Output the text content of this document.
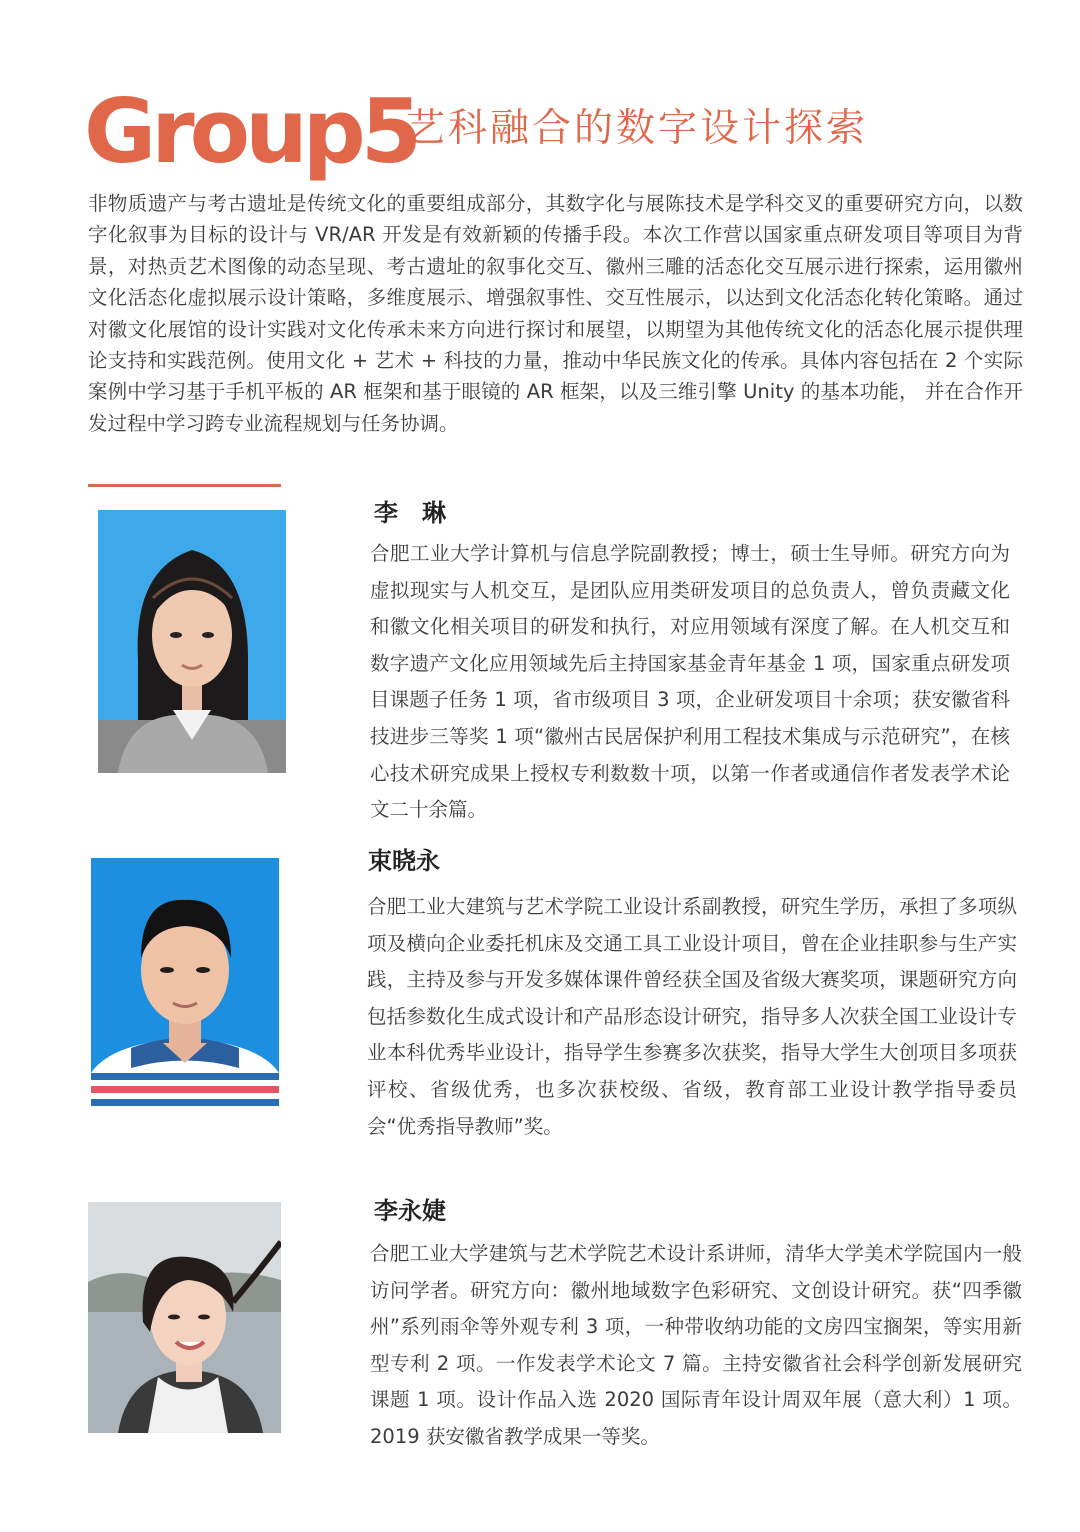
Group5
艺科融合的数字设计探索

非物质遗产与考古遗址是传统文化的重要组成部分，其数字化与展陈技术是学科交叉的重要研究方向，以数字化叙事为目标的设计与 VR/AR 开发是有效新颖的传播手段。本次工作营以国家重点研发项目等项目为背景，对热贡艺术图像的动态呈现、考古遗址的叙事化交互、徽州三雕的活态化交互展示进行探索，运用徽州文化活态化虚拟展示设计策略，多维度展示、增强叙事性、交互性展示，以达到文化活态化转化策略。通过对徽文化展馆的设计实践对文化传承未来方向进行探讨和展望，以期望为其他传统文化的活态化展示提供理论支持和实践范例。使用文化 + 艺术 + 科技的力量，推动中华民族文化的传承。具体内容包括在 2 个实际案例中学习基于手机平板的 AR 框架和基于眼镜的 AR 框架，以及三维引擎 Unity 的基本功能， 并在合作开发过程中学习跨专业流程规划与任务协调。

李　琳

合肥工业大学计算机与信息学院副教授；博士，硕士生导师。研究方向为虚拟现实与人机交互，是团队应用类研发项目的总负责人，曾负责藏文化和徽文化相关项目的研发和执行，对应用领域有深度了解。在人机交互和数字遗产文化应用领域先后主持国家基金青年基金 1 项，国家重点研发项目课题子任务 1 项，省市级项目 3 项，企业研发项目十余项；获安徽省科技进步三等奖 1 项“徽州古民居保护利用工程技术集成与示范研究”，在核心技术研究成果上授权专利数数十项，以第一作者或通信作者发表学术论文二十余篇。

束晓永

合肥工业大建筑与艺术学院工业设计系副教授，研究生学历，承担了多项纵项及横向企业委托机床及交通工具工业设计项目，曾在企业挂职参与生产实践，主持及参与开发多媒体课件曾经获全国及省级大赛奖项，课题研究方向包括参数化生成式设计和产品形态设计研究，指导多人次获全国工业设计专业本科优秀毕业设计，指导学生参赛多次获奖，指导大学生大创项目多项获评校、省级优秀，也多次获校级、省级，教育部工业设计教学指导委员会“优秀指导教师”奖。

李永婕

合肥工业大学建筑与艺术学院艺术设计系讲师，清华大学美术学院国内一般访问学者。研究方向：徽州地域数字色彩研究、文创设计研究。获“四季徽州”系列雨伞等外观专利 3 项，一种带收纳功能的文房四宝搁架，等实用新型专利 2 项。一作发表学术论文 7 篇。主持安徽省社会科学创新发展研究课题 1 项。设计作品入选 2020 国际青年设计周双年展（意大利）1 项。2019 获安徽省教学成果一等奖。
